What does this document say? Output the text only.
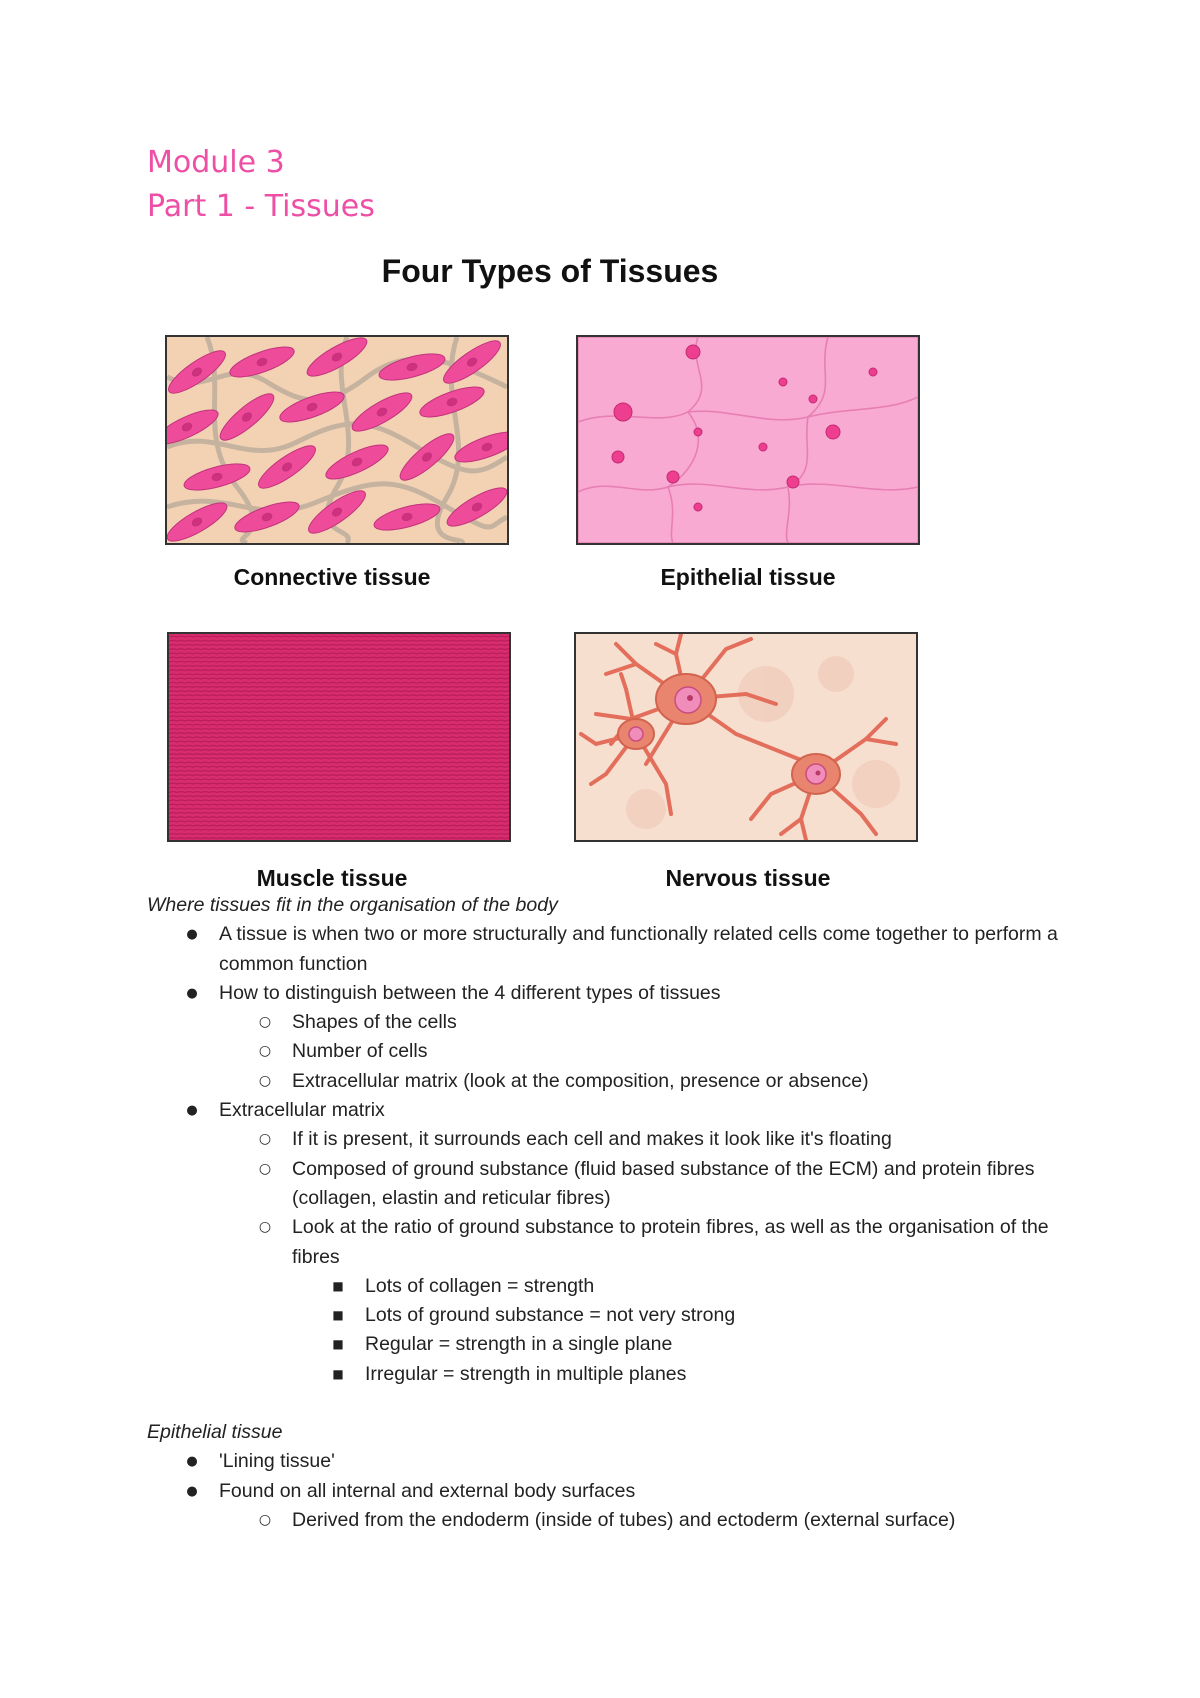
Module 3
Part 1 - Tissues
Four Types of Tissues
Connective tissue	Epithelial tissue
Muscle tissue	Nervous tissue
Where tissues fit in the organisation of the body
● A tissue is when two or more structurally and functionally related cells come together to perform a common function
● How to distinguish between the 4 different types of tissues
○ Shapes of the cells
○ Number of cells
○ Extracellular matrix (look at the composition, presence or absence)
● Extracellular matrix
○ If it is present, it surrounds each cell and makes it look like it's floating
○ Composed of ground substance (fluid based substance of the ECM) and protein fibres (collagen, elastin and reticular fibres)
○ Look at the ratio of ground substance to protein fibres, as well as the organisation of the fibres
■ Lots of collagen = strength
■ Lots of ground substance = not very strong
■ Regular = strength in a single plane
■ Irregular = strength in multiple planes
Epithelial tissue
● 'Lining tissue'
● Found on all internal and external body surfaces
○ Derived from the endoderm (inside of tubes) and ectoderm (external surface)
